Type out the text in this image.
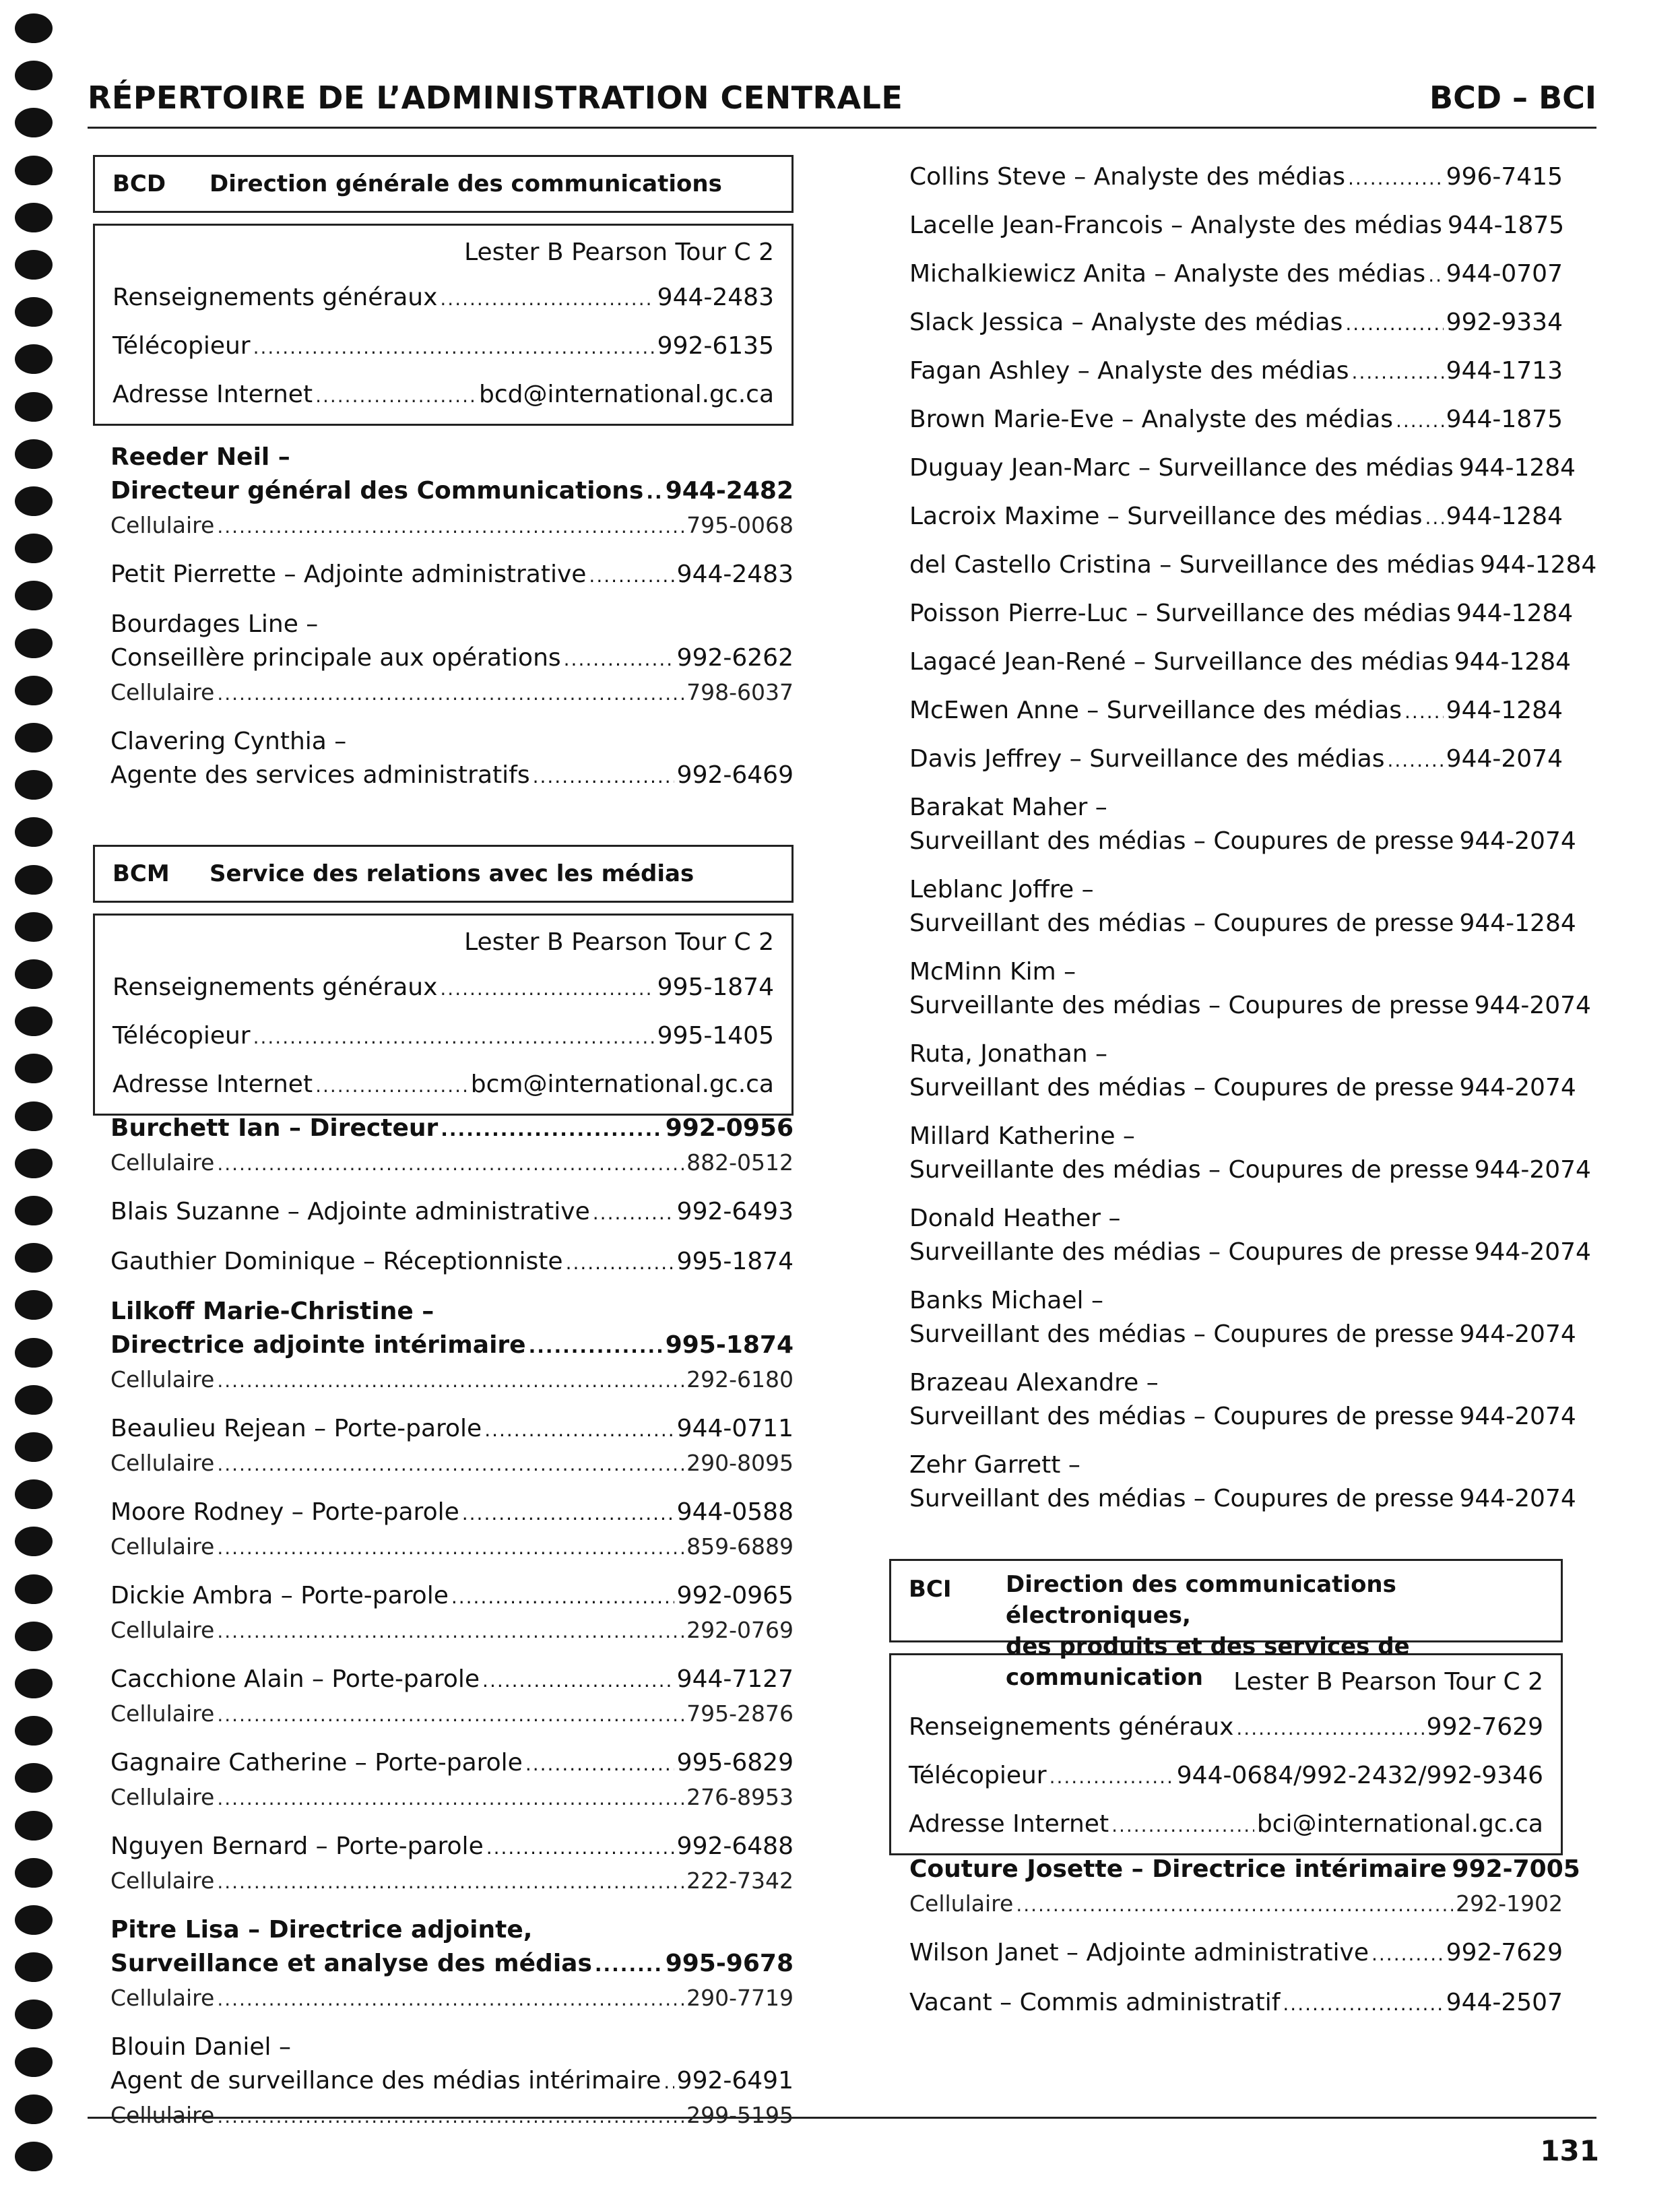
RÉPERTOIRE DE L’ADMINISTRATION CENTRALE	BCD – BCI
BCD Direction générale des communications
Lester B Pearson Tour C 2
Renseignements généraux .....	944-2483
Télécopieur .....	992-6135
Adresse Internet .....	bcd@international.gc.ca
Reeder Neil –
Directeur général des Communications ..... 944-2482
Cellulaire .....	795-0068
Petit Pierrette – Adjointe administrative .....	944-2483
Bourdages Line –
Conseillère principale aux opérations .....	992-6262
Cellulaire .....	798-6037
Clavering Cynthia –
Agente des services administratifs .....	992-6469
BCM Service des relations avec les médias
Lester B Pearson Tour C 2
Renseignements généraux .....	995-1874
Télécopieur .....	995-1405
Adresse Internet .....	bcm@international.gc.ca
Burchett Ian – Directeur .....	992-0956
Cellulaire .....	882-0512
Blais Suzanne – Adjointe administrative .....	992-6493
Gauthier Dominique – Réceptionniste .....	995-1874
Lilkoff Marie-Christine –
Directrice adjointe intérimaire .....	995-1874
Cellulaire .....	292-6180
Beaulieu Rejean – Porte-parole .....	944-0711
Cellulaire .....	290-8095
Moore Rodney – Porte-parole .....	944-0588
Cellulaire .....	859-6889
Dickie Ambra – Porte-parole .....	992-0965
Cellulaire .....	292-0769
Cacchione Alain – Porte-parole .....	944-7127
Cellulaire .....	795-2876
Gagnaire Catherine – Porte-parole .....	995-6829
Cellulaire .....	276-8953
Nguyen Bernard – Porte-parole .....	992-6488
Cellulaire .....	222-7342
Pitre Lisa – Directrice adjointe,
Surveillance et analyse des médias .....	995-9678
Cellulaire .....	290-7719
Blouin Daniel –
Agent de surveillance des médias intérimaire ..... 992-6491
Cellulaire .....	299-5195
Collins Steve – Analyste des médias .....	996-7415
Lacelle Jean-Francois – Analyste des médias 944-1875
Michalkiewicz Anita – Analyste des médias ..... 944-0707
Slack Jessica – Analyste des médias .....	992-9334
Fagan Ashley – Analyste des médias .....	944-1713
Brown Marie-Eve – Analyste des médias ..... 944-1875
Duguay Jean-Marc – Surveillance des médias 944-1284
Lacroix Maxime – Surveillance des médias ..... 944-1284
del Castello Cristina – Surveillance des médias 944-1284
Poisson Pierre-Luc – Surveillance des médias 944-1284
Lagacé Jean-René – Surveillance des médias 944-1284
McEwen Anne – Surveillance des médias ..... 944-1284
Davis Jeffrey – Surveillance des médias .....	944-2074
Barakat Maher –
Surveillant des médias – Coupures de presse 944-2074
Leblanc Joffre –
Surveillant des médias – Coupures de presse 944-1284
McMinn Kim –
Surveillante des médias – Coupures de presse 944-2074
Ruta, Jonathan –
Surveillant des médias – Coupures de presse 944-2074
Millard Katherine –
Surveillante des médias – Coupures de presse 944-2074
Donald Heather –
Surveillante des médias – Coupures de presse 944-2074
Banks Michael –
Surveillant des médias – Coupures de presse 944-2074
Brazeau Alexandre –
Surveillant des médias – Coupures de presse 944-2074
Zehr Garrett –
Surveillant des médias – Coupures de presse 944-2074
BCI Direction des communications électroniques,
des produits et des services de communication	Lester B Pearson Tour C 2
Renseignements généraux .....	992-7629
Télécopieur .....	944-0684/992-2432/992-9346
Adresse Internet .....	bci@international.gc.ca
Couture Josette – Directrice intérimaire 992-7005
Cellulaire .....	292-1902
Wilson Janet – Adjointe administrative .....	992-7629
Vacant – Commis administratif .....	944-2507
131
